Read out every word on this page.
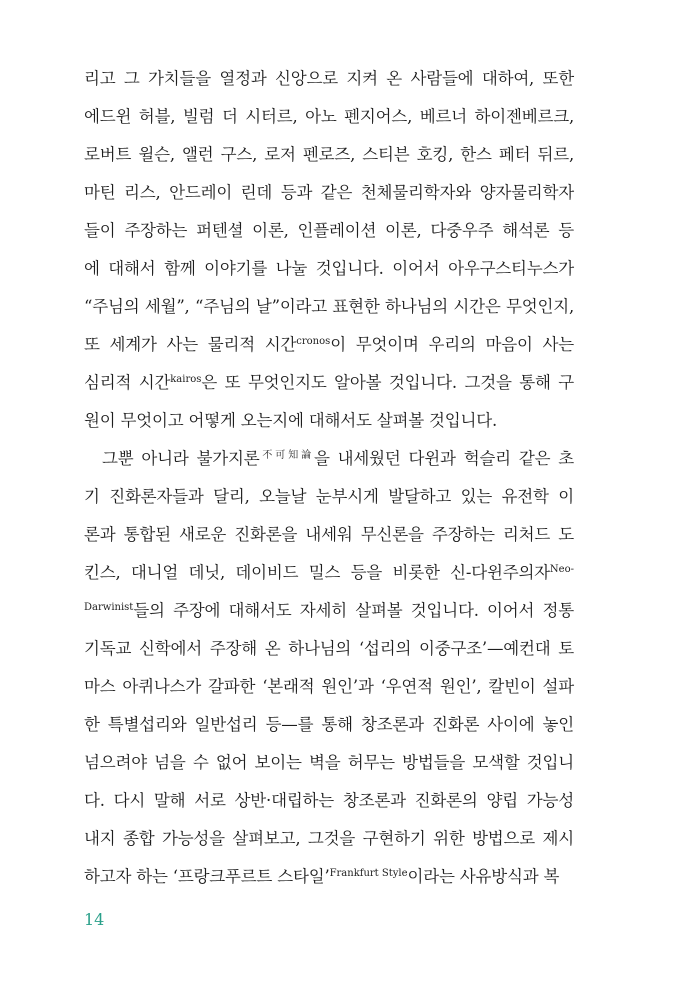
리고 그 가치들을 열정과 신앙으로 지켜 온 사람들에 대하여, 또한
에드윈 허블, 빌럼 더 시터르, 아노 펜지어스, 베르너 하이젠베르크,
로버트 윌슨, 앨런 구스, 로저 펜로즈, 스티븐 호킹, 한스 페터 뒤르,
마틴 리스, 안드레이 린데 등과 같은 천체물리학자와 양자물리학자
들이 주장하는 퍼텐셜 이론, 인플레이션 이론, 다중우주 해석론 등
에 대해서 함께 이야기를 나눌 것입니다. 이어서 아우구스티누스가
“주님의 세월”, “주님의 날”이라고 표현한 하나님의 시간은 무엇인지,
또 세계가 사는 물리적 시간$^{cronos}$이 무엇이며 우리의 마음이 사는
심리적 시간$^{kairos}$은 또 무엇인지도 알아볼 것입니다. 그것을 통해 구
원이 무엇이고 어떻게 오는지에 대해서도 살펴볼 것입니다.

그뿐 아니라 불가지론$^{不可知論}$을 내세웠던 다윈과 헉슬리 같은 초
기 진화론자들과 달리, 오늘날 눈부시게 발달하고 있는 유전학 이
론과 통합된 새로운 진화론을 내세워 무신론을 주장하는 리처드 도
킨스, 대니얼 데닛, 데이비드 밀스 등을 비롯한 신-다윈주의자$^{Neo-}$
$^{Darwinist}$들의 주장에 대해서도 자세히 살펴볼 것입니다. 이어서 정통
기독교 신학에서 주장해 온 하나님의 ‘섭리의 이중구조’—예컨대 토
마스 아퀴나스가 갈파한 ‘본래적 원인’과 ‘우연적 원인’, 칼빈이 설파
한 특별섭리와 일반섭리 등—를 통해 창조론과 진화론 사이에 놓인
넘으려야 넘을 수 없어 보이는 벽을 허무는 방법들을 모색할 것입니
다. 다시 말해 서로 상반·대립하는 창조론과 진화론의 양립 가능성
내지 종합 가능성을 살펴보고, 그것을 구현하기 위한 방법으로 제시
하고자 하는 ‘프랑크푸르트 스타일’$^{Frankfurt Style}$이라는 사유방식과 복

14
